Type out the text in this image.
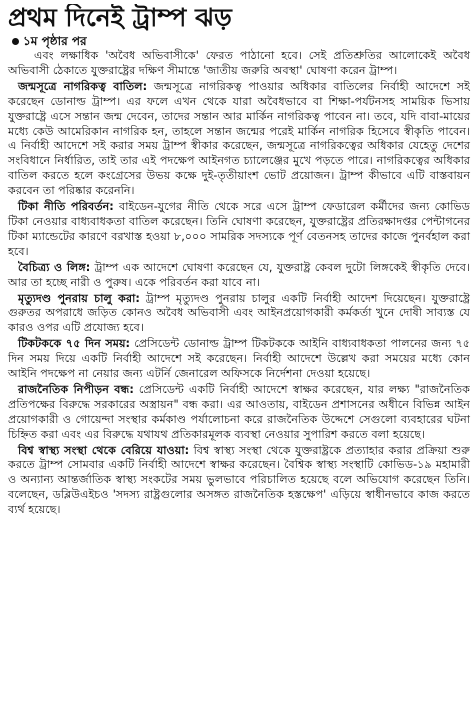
প্রথম দিনেই ট্রাম্প ঝড়
১ম পৃষ্ঠার পর

এবং লক্ষাধিক 'অবৈধ অভিবাসীকে' ফেরত পাঠানো হবে। সেই প্রতিশ্রুতির আলোকেই অবৈধ অভিবাসী ঠেকাতে যুক্তরাষ্ট্রের দক্ষিণ সীমান্তে 'জাতীয় জরুরি অবস্থা' ঘোষণা করেন ট্রাম্প।

জন্মসূত্রে নাগরিকত্ব বাতিল: জন্মসূত্রে নাগরিকত্ব পাওয়ার অধিকার বাতিলের নির্বাহী আদেশে সই করেছেন ডোনাল্ড ট্রাম্প। এর ফলে এখন থেকে যারা অবৈধভাবে বা শিক্ষা-পর্যটনসহ সাময়িক ভিসায় যুক্তরাষ্ট্রে এসে সন্তান জন্ম দেবেন, তাদের সন্তান আর মার্কিন নাগরিকত্ব পাবেন না। তবে, যদি বাবা-মায়ের মধ্যে কেউ আমেরিকান নাগরিক হন, তাহলে সন্তান জন্মের পরেই মার্কিন নাগরিক হিসেবে স্বীকৃতি পাবেন। এ নির্বাহী আদেশে সই করার সময় ট্রাম্প স্বীকার করেছেন, জন্মসূত্রে নাগরিকত্বের অধিকার যেহেতু দেশের সংবিধানে নির্ধারিত, তাই তার এই পদক্ষেপ আইনগত চ্যালেঞ্জের মুখে পড়তে পারে। নাগরিকত্বের অধিকার বাতিল করতে হলে কংগ্রেসের উভয় কক্ষে দুই-তৃতীয়াংশ ভোট প্রয়োজন। ট্রাম্প কীভাবে এটি বাস্তবায়ন করবেন তা পরিষ্কার করেননি।

টিকা নীতি পরিবর্তন: বাইডেন-যুগের নীতি থেকে সরে এসে ট্রাম্প ফেডারেল কর্মীদের জন্য কোভিড টিকা নেওয়ার বাধ্যবাধকতা বাতিল করেছেন। তিনি ঘোষণা করেছেন, যুক্তরাষ্ট্রের প্রতিরক্ষাদপ্তর পেন্টাগনের টিকা ম্যান্ডেটের কারণে বরখাস্ত হওয়া ৮,০০০ সামরিক সদস্যকে পূর্ণ বেতনসহ তাদের কাজে পুনর্বহাল করা হবে।

বৈচিত্র্য ও লিঙ্গ: ট্রাম্প এক আদেশে ঘোষণা করেছেন যে, যুক্তরাষ্ট্র কেবল দুটো লিঙ্গকেই স্বীকৃতি দেবে। আর তা হচ্ছে নারী ও পুরুষ। একে পরিবর্তন করা যাবে না।

মৃত্যুদণ্ড পুনরায় চালু করা: ট্রাম্প মৃত্যুদণ্ড পুনরায় চালুর একটি নির্বাহী আদেশ দিয়েছেন। যুক্তরাষ্ট্রে গুরুতর অপরাধে জড়িত কোনও অবৈধ অভিবাসী এবং আইনপ্রয়োগকারী কর্মকর্তা খুনে দোষী সাব্যস্ত যে কারও ওপর এটি প্রযোজ্য হবে।

টিকটককে ৭৫ দিন সময়: প্রেসিডেন্ট ডোনাল্ড ট্রাম্প টিকটককে আইনি বাধ্যবাধকতা পালনের জন্য ৭৫ দিন সময় দিয়ে একটি নির্বাহী আদেশে সই করেছেন। নির্বাহী আদেশে উল্লেখ করা সময়ের মধ্যে কোন আইনি পদক্ষেপ না নেয়ার জন্য এটর্নি জেনারেল অফিসকে নির্দেশনা দেওয়া হয়েছে।

রাজনৈতিক নিপীড়ন বন্ধ: প্রেসিডেন্ট একটি নির্বাহী আদেশে স্বাক্ষর করেছেন, যার লক্ষ্য "রাজনৈতিক প্রতিপক্ষের বিরুদ্ধে সরকারের অস্ত্রায়ন" বন্ধ করা। এর আওতায়, বাইডেন প্রশাসনের অধীনে বিভিন্ন আইন প্রয়োগকারী ও গোয়েন্দা সংস্থার কর্মকাণ্ড পর্যালোচনা করে রাজনৈতিক উদ্দেশে সেগুলো ব্যবহারের ঘটনা চিহ্নিত করা এবং এর বিরুদ্ধে যথাযথ প্রতিকারমূলক ব্যবস্থা নেওয়ার সুপারিশ করতে বলা হয়েছে।

বিশ্ব স্বাস্থ্য সংস্থা থেকে বেরিয়ে যাওয়া: বিশ্ব স্বাস্থ্য সংস্থা থেকে যুক্তরাষ্ট্রকে প্রত্যাহার করার প্রক্রিয়া শুরু করতে ট্রাম্প সোমবার একটি নির্বাহী আদেশে স্বাক্ষর করেছেন। বৈশ্বিক স্বাস্থ্য সংস্থাটি কোভিড-১৯ মহামারী ও অন্যান্য আন্তর্জাতিক স্বাস্থ্য সংকটের সময় ভুলভাবে পরিচালিত হয়েছে বলে অভিযোগ করেছেন তিনি। বলেছেন, ডব্লিউএইচও 'সদস্য রাষ্ট্রগুলোর অসঙ্গত রাজনৈতিক হস্তক্ষেপ' এড়িয়ে স্বাধীনভাবে কাজ করতে ব্যর্থ হয়েছে।
